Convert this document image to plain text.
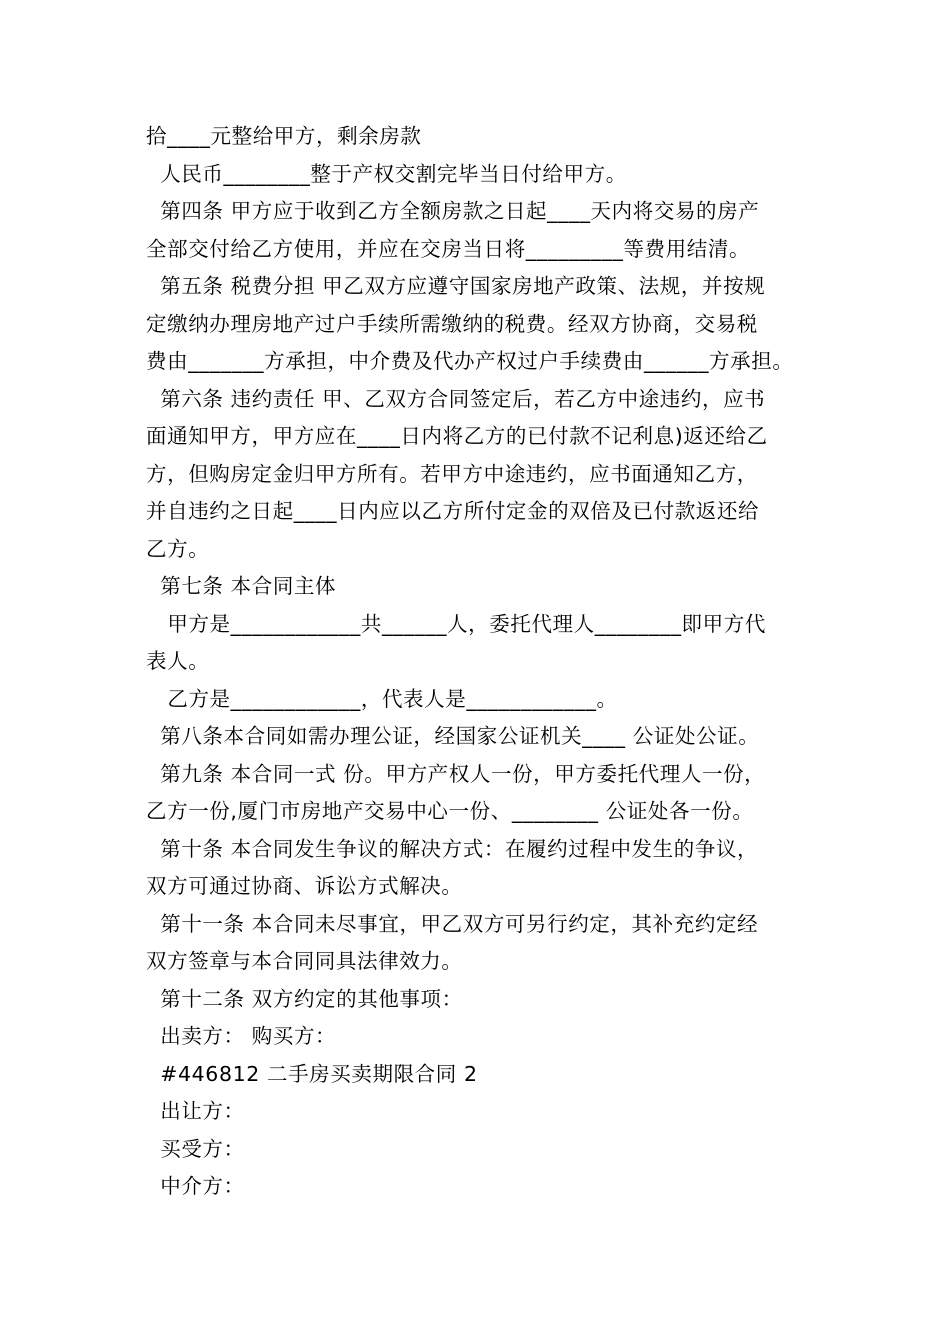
拾____元整给甲方，剩余房款

人民币________整于产权交割完毕当日付给甲方。

第四条 甲方应于收到乙方全额房款之日起____天内将交易的房产

全部交付给乙方使用，并应在交房当日将_________等费用结清。

第五条 税费分担 甲乙双方应遵守国家房地产政策、法规，并按规

定缴纳办理房地产过户手续所需缴纳的税费。经双方协商，交易税

费由_______方承担，中介费及代办产权过户手续费由______方承担。

第六条 违约责任 甲、乙双方合同签定后，若乙方中途违约，应书

面通知甲方，甲方应在____日内将乙方的已付款不记利息)返还给乙

方，但购房定金归甲方所有。若甲方中途违约，应书面通知乙方，

并自违约之日起____日内应以乙方所付定金的双倍及已付款返还给

乙方。

第七条 本合同主体

甲方是____________共______人，委托代理人________即甲方代

表人。

乙方是____________，代表人是____________。

第八条本合同如需办理公证，经国家公证机关____ 公证处公证。

第九条 本合同一式 份。甲方产权人一份，甲方委托代理人一份，

乙方一份,厦门市房地产交易中心一份、________ 公证处各一份。

第十条 本合同发生争议的解决方式：在履约过程中发生的争议，

双方可通过协商、诉讼方式解决。

第十一条 本合同未尽事宜，甲乙双方可另行约定，其补充约定经

双方签章与本合同同具法律效力。

第十二条 双方约定的其他事项：

出卖方： 购买方：

#446812 二手房买卖期限合同 2

出让方：

买受方：

中介方：
